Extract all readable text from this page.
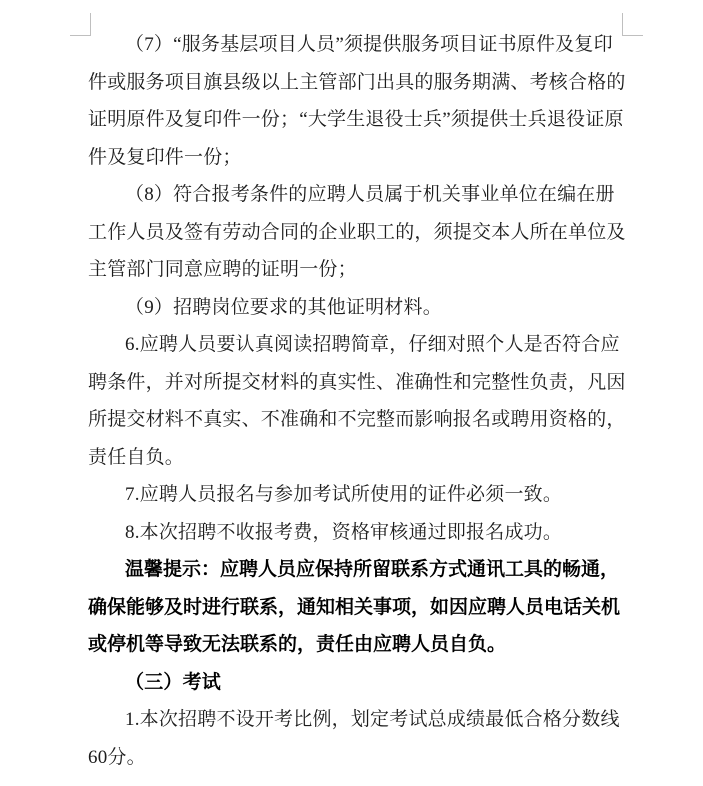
（7）“服务基层项目人员”须提供服务项目证书原件及复印
件或服务项目旗县级以上主管部门出具的服务期满、考核合格的
证明原件及复印件一份；“大学生退役士兵”须提供士兵退役证原
件及复印件一份；
（8）符合报考条件的应聘人员属于机关事业单位在编在册
工作人员及签有劳动合同的企业职工的，须提交本人所在单位及
主管部门同意应聘的证明一份；
（9）招聘岗位要求的其他证明材料。
6.应聘人员要认真阅读招聘简章，仔细对照个人是否符合应
聘条件，并对所提交材料的真实性、准确性和完整性负责，凡因
所提交材料不真实、不准确和不完整而影响报名或聘用资格的，
责任自负。
7.应聘人员报名与参加考试所使用的证件必须一致。
8.本次招聘不收报考费，资格审核通过即报名成功。
温馨提示：应聘人员应保持所留联系方式通讯工具的畅通，
确保能够及时进行联系，通知相关事项，如因应聘人员电话关机
或停机等导致无法联系的，责任由应聘人员自负。
（三）考试
1.本次招聘不设开考比例，划定考试总成绩最低合格分数线
60分。
